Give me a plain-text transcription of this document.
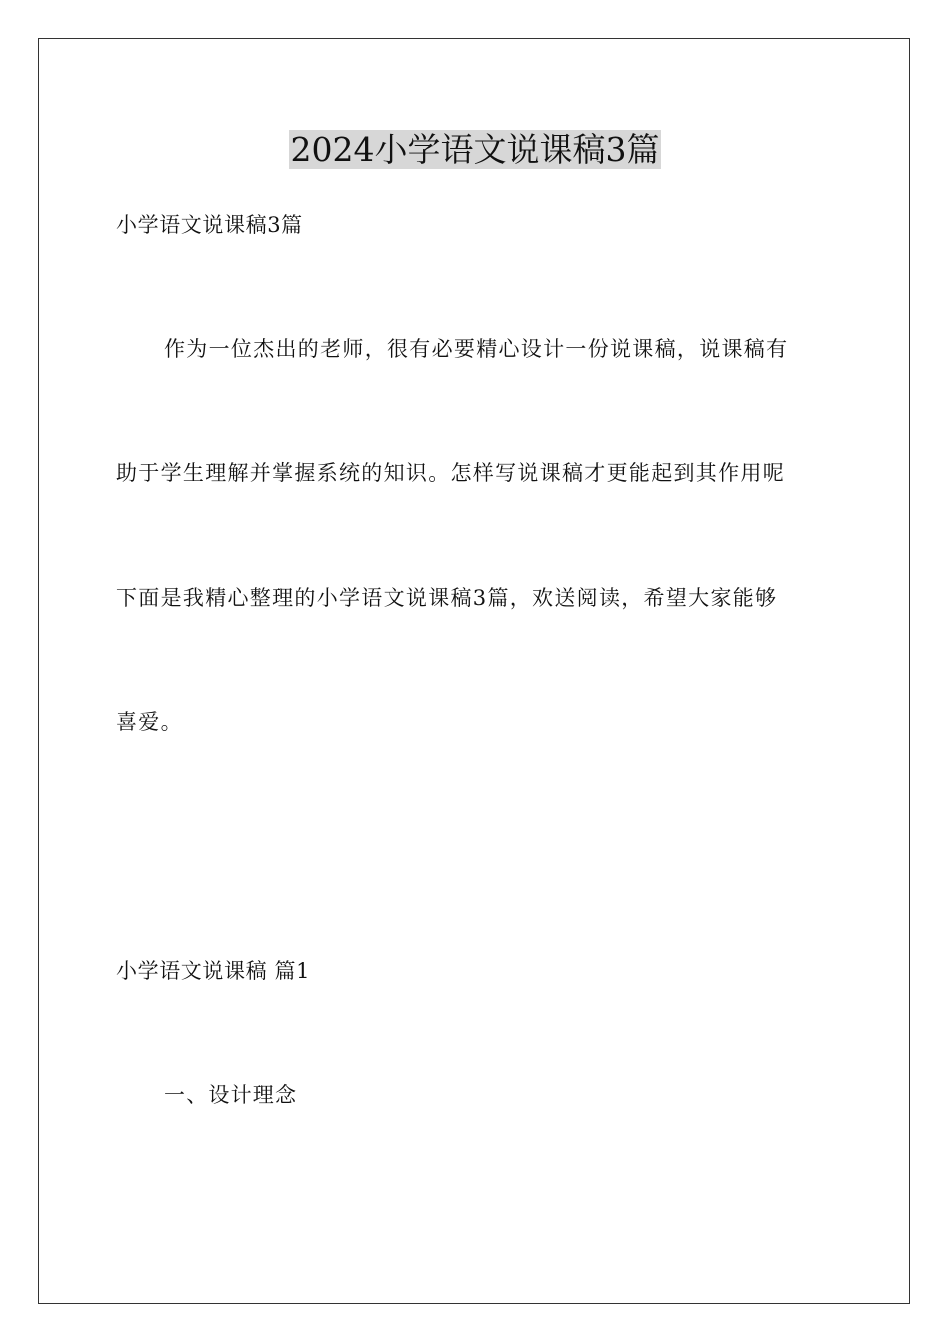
2024小学语文说课稿3篇

小学语文说课稿3篇

作为一位杰出的老师，很有必要精心设计一份说课稿，说课稿有

助于学生理解并掌握系统的知识。怎样写说课稿才更能起到其作用呢

下面是我精心整理的小学语文说课稿3篇，欢送阅读，希望大家能够

喜爱。

小学语文说课稿 篇1

一、设计理念
